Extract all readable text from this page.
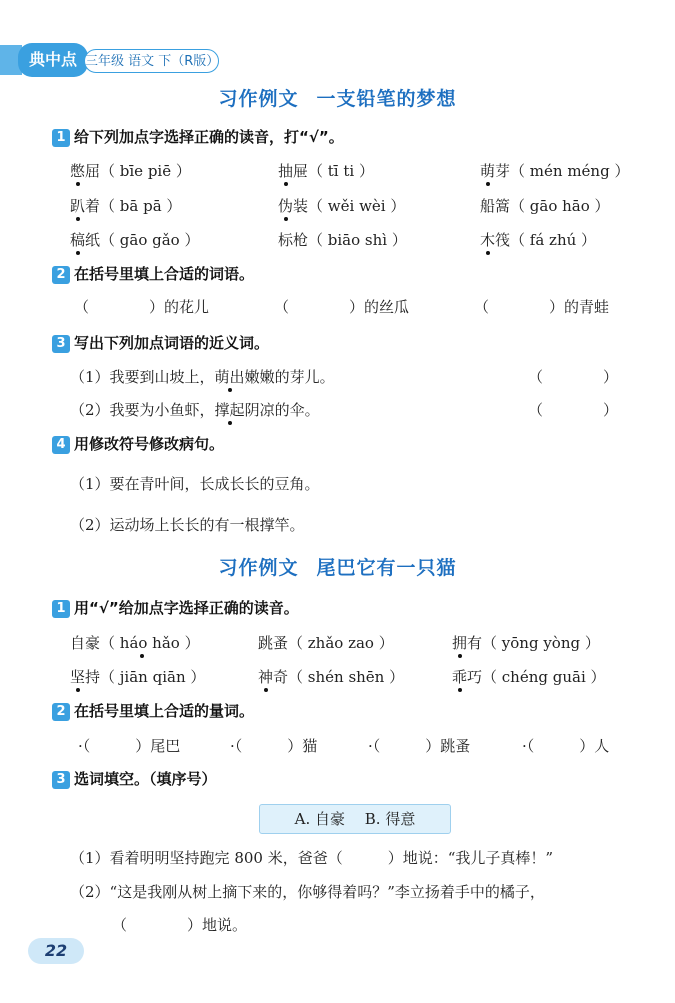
典中点 三年级 语文 下（R版）
习作例文 一支铅笔的梦想
1 给下列加点字选择正确的读音，打“√”。
憋屈（ bīe piē ）	抽屉（ tī ti ）	萌芽（ mén méng ）
趴着（ bā pā ）	伪装（ wěi wèi ）	船篙（ gāo hāo ）
稿纸（ gāo gǎo ）	标枪（ biāo shì ）	木筏（ fá zhú ）
2 在括号里填上合适的词语。
（　　　　）的花儿	（　　　　）的丝瓜	（　　　　）的青蛙
3 写出下列加点词语的近义词。
（1）我要到山坡上，萌出嫩嫩的芽儿。	（　　　　）
（2）我要为小鱼虾，撑起阴凉的伞。	（　　　　）
4 用修改符号修改病句。
（1）要在青叶间，长成长长的豆角。
（2）运动场上长长的有一根撑竿。
习作例文 尾巴它有一只猫
1 用“√”给加点字选择正确的读音。
自豪（ háo hǎo ）	跳蚤（ zhǎo zao ）	拥有（ yōng yòng ）
坚持（ jiān qiān ）	神奇（ shén shēn ）	乖巧（ chéng guāi ）
2 在括号里填上合适的量词。
·（　　　）尾巴	·（　　　）猫	·（　　　）跳蚤	·（　　　）人
3 选词填空。（填序号）
A. 自豪　 B. 得意
（1）看着明明坚持跑完 800 米，爸爸（　　　）地说：“我儿子真棒！”
（2）“这是我刚从树上摘下来的，你够得着吗？”李立扬着手中的橘子，
（　　　　）地说。
22
